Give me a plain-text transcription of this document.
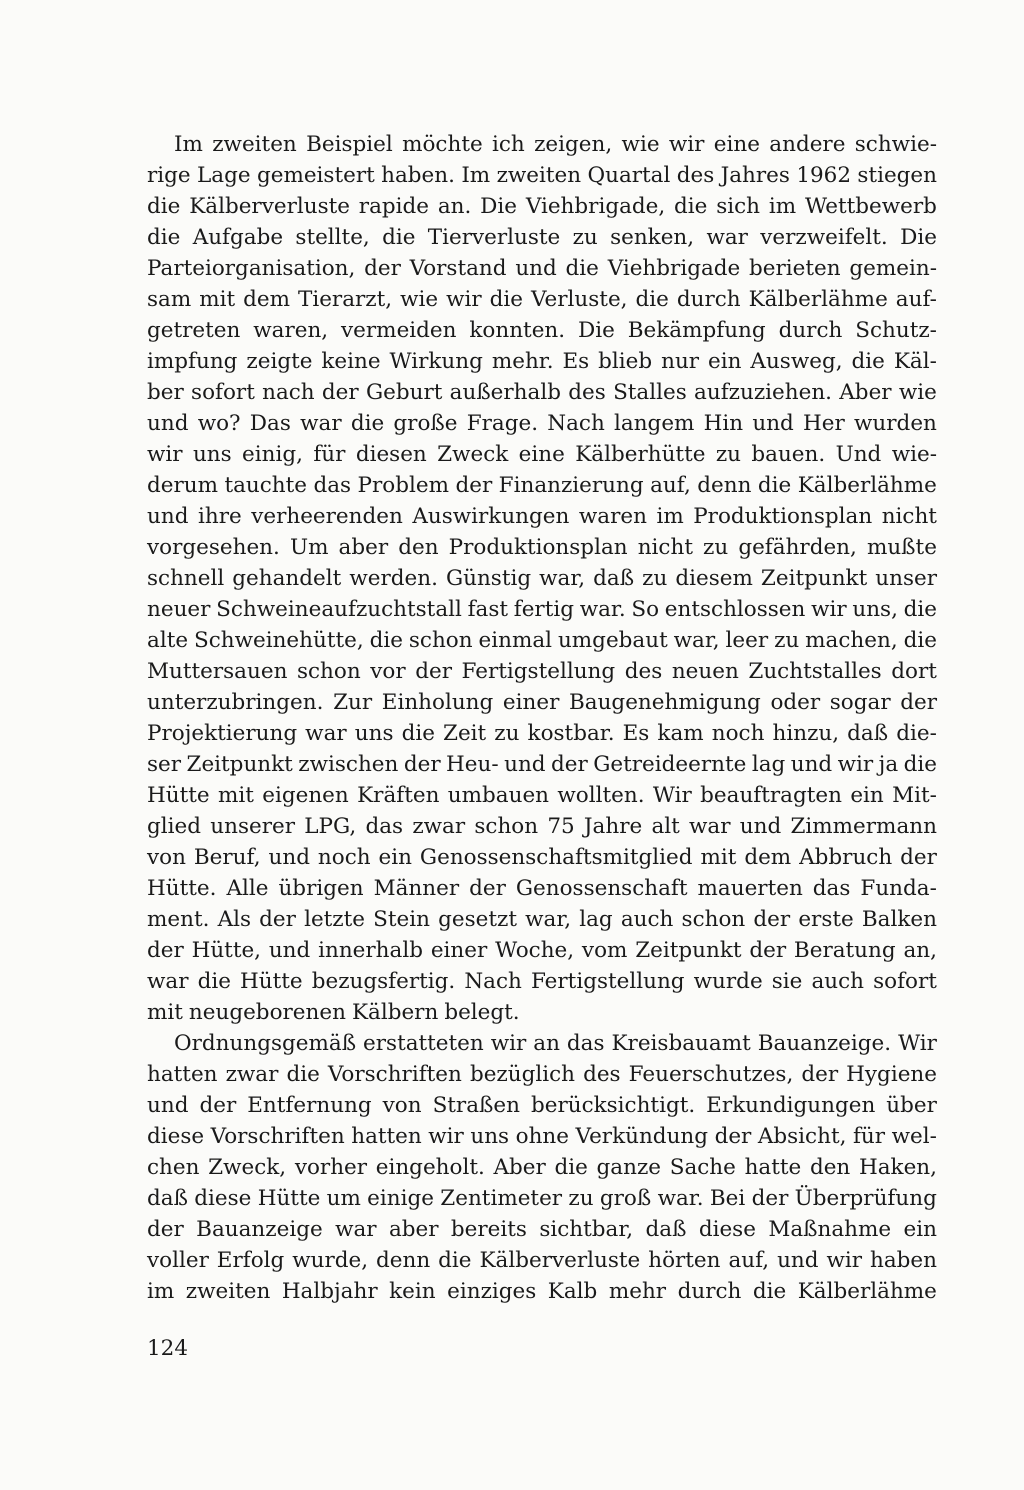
Im zweiten Beispiel möchte ich zeigen, wie wir eine andere schwie-
rige Lage gemeistert haben. Im zweiten Quartal des Jahres 1962 stiegen
die Kälberverluste rapide an. Die Viehbrigade, die sich im Wettbewerb
die Aufgabe stellte, die Tierverluste zu senken, war verzweifelt. Die
Parteiorganisation, der Vorstand und die Viehbrigade berieten gemein-
sam mit dem Tierarzt, wie wir die Verluste, die durch Kälberlähme auf-
getreten waren, vermeiden konnten. Die Bekämpfung durch Schutz-
impfung zeigte keine Wirkung mehr. Es blieb nur ein Ausweg, die Käl-
ber sofort nach der Geburt außerhalb des Stalles aufzuziehen. Aber wie
und wo? Das war die große Frage. Nach langem Hin und Her wurden
wir uns einig, für diesen Zweck eine Kälberhütte zu bauen. Und wie-
derum tauchte das Problem der Finanzierung auf, denn die Kälberlähme
und ihre verheerenden Auswirkungen waren im Produktionsplan nicht
vorgesehen. Um aber den Produktionsplan nicht zu gefährden, mußte
schnell gehandelt werden. Günstig war, daß zu diesem Zeitpunkt unser
neuer Schweineaufzuchtstall fast fertig war. So entschlossen wir uns, die
alte Schweinehütte, die schon einmal umgebaut war, leer zu machen, die
Muttersauen schon vor der Fertigstellung des neuen Zuchtstalles dort
unterzubringen. Zur Einholung einer Baugenehmigung oder sogar der
Projektierung war uns die Zeit zu kostbar. Es kam noch hinzu, daß die-
ser Zeitpunkt zwischen der Heu- und der Getreideernte lag und wir ja die
Hütte mit eigenen Kräften umbauen wollten. Wir beauftragten ein Mit-
glied unserer LPG, das zwar schon 75 Jahre alt war und Zimmermann
von Beruf, und noch ein Genossenschaftsmitglied mit dem Abbruch der
Hütte. Alle übrigen Männer der Genossenschaft mauerten das Funda-
ment. Als der letzte Stein gesetzt war, lag auch schon der erste Balken
der Hütte, und innerhalb einer Woche, vom Zeitpunkt der Beratung an,
war die Hütte bezugsfertig. Nach Fertigstellung wurde sie auch sofort
mit neugeborenen Kälbern belegt.
Ordnungsgemäß erstatteten wir an das Kreisbauamt Bauanzeige. Wir
hatten zwar die Vorschriften bezüglich des Feuerschutzes, der Hygiene
und der Entfernung von Straßen berücksichtigt. Erkundigungen über
diese Vorschriften hatten wir uns ohne Verkündung der Absicht, für wel-
chen Zweck, vorher eingeholt. Aber die ganze Sache hatte den Haken,
daß diese Hütte um einige Zentimeter zu groß war. Bei der Überprüfung
der Bauanzeige war aber bereits sichtbar, daß diese Maßnahme ein
voller Erfolg wurde, denn die Kälberverluste hörten auf, und wir haben
im zweiten Halbjahr kein einziges Kalb mehr durch die Kälberlähme
124
